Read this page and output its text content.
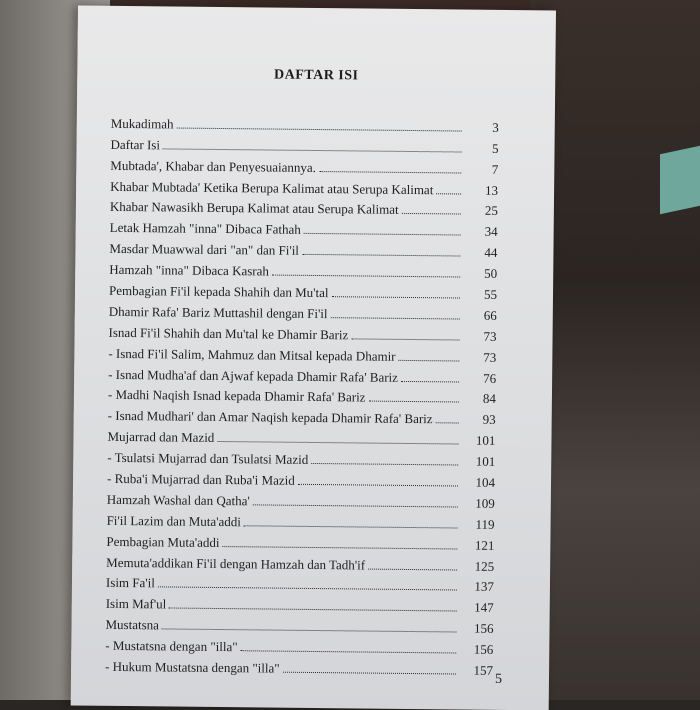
DAFTAR ISI
Mukadimah	3
Daftar Isi	5
Mubtada', Khabar dan Penyesuaiannya.	7
Khabar Mubtada' Ketika Berupa Kalimat atau Serupa Kalimat	13
Khabar Nawasikh Berupa Kalimat atau Serupa Kalimat	25
Letak Hamzah "inna" Dibaca Fathah	34
Masdar Muawwal dari "an" dan Fi'il	44
Hamzah "inna" Dibaca Kasrah	50
Pembagian Fi'il kepada Shahih dan Mu'tal	55
Dhamir Rafa' Bariz Muttashil dengan Fi'il	66
Isnad Fi'il Shahih dan Mu'tal ke Dhamir Bariz	73
- Isnad Fi'il Salim, Mahmuz dan Mitsal kepada Dhamir	73
- Isnad Mudha'af dan Ajwaf kepada Dhamir Rafa' Bariz	76
- Madhi Naqish Isnad kepada Dhamir Rafa' Bariz	84
- Isnad Mudhari' dan Amar Naqish kepada Dhamir Rafa' Bariz	93
Mujarrad dan Mazid	101
- Tsulatsi Mujarrad dan Tsulatsi Mazid	101
- Ruba'i Mujarrad dan Ruba'i Mazid	104
Hamzah Washal dan Qatha'	109
Fi'il Lazim dan Muta'addi	119
Pembagian Muta'addi	121
Memuta'addikan Fi'il dengan Hamzah dan Tadh'if	125
Isim Fa'il	137
Isim Maf'ul	147
Mustatsna	156
- Mustatsna dengan "illa"	156
- Hukum Mustatsna dengan "illa"	157
5
